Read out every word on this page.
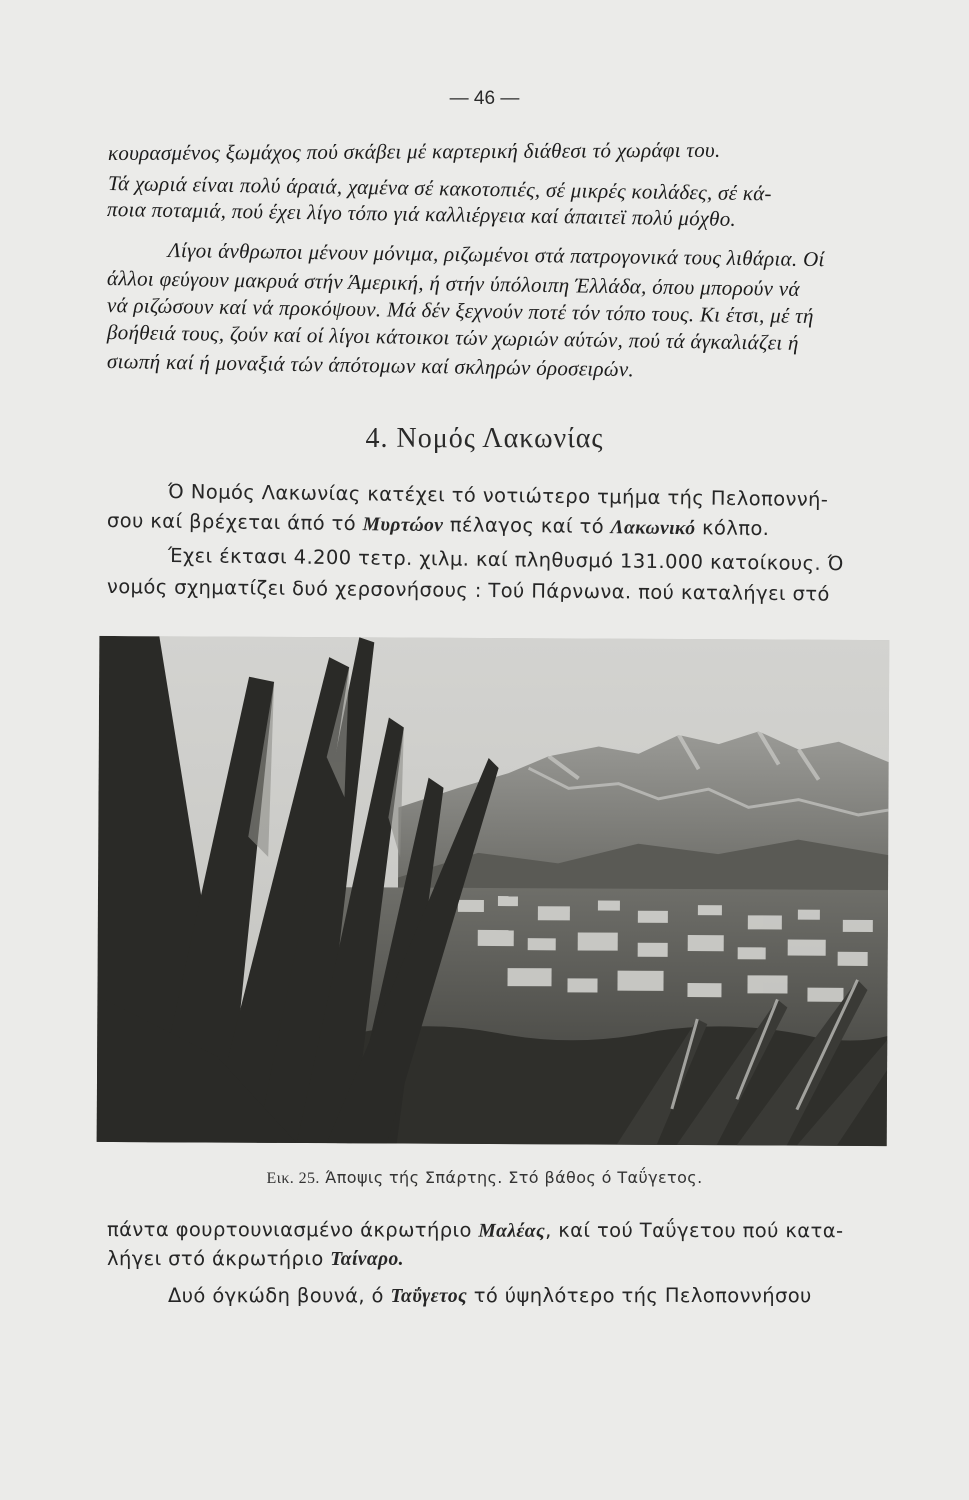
— 46 —

κουρασμένος ξωμάχος πού σκάβει μέ καρτερική διάθεσι τό χωράφι του.

Τά χωριά είναι πολύ άραιά, χαμένα σέ κακοτοπιές, σέ μικρές κοιλάδες, σέ κά-

ποια ποταμιά, πού έχει λίγο τόπο γιά καλλιέργεια καί άπαιτεϊ πολύ μόχθο.

Λίγοι άνθρωποι μένουν μόνιμα, ριζωμένοι στά πατρογονικά τους λιθάρια. Οί

άλλοι φεύγουν μακρυά στήν Άμερική, ή στήν ύπόλοιπη Έλλάδα, όπου μπορούν νά

νά ριζώσουν καί νά προκόψουν. Μά δέν ξεχνούν ποτέ τόν τόπο τους. Κι έτσι, μέ τή

βοήθειά τους, ζούν καί οί λίγοι κάτοικοι τών χωριών αύτών, πού τά άγκαλιάζει ή

σιωπή καί ή μοναξιά τών άπότομων καί σκληρών όροσειρών.

4. Νομός Λακωνίας

Ό Νομός Λακωνίας κατέχει τό νοτιώτερο τμήμα τής Πελοποννή-

σου καί βρέχεται άπό τό Μυρτώον πέλαγος καί τό Λακωνικό κόλπο.

Έχει έκτασι 4.200 τετρ. χιλμ. καί πληθυσμό 131.000 κατοίκους. Ό

νομός σχηματίζει δυό χερσονήσους : Τού Πάρνωνα. πού καταλήγει στό

Εικ. 25. Άποψις τής Σπάρτης. Στό βάθος ό Ταΰγετος.

πάντα φουρτουνιασμένο άκρωτήριο Μαλέας, καί τού Ταΰγετου πού κατα-

λήγει στό άκρωτήριο Ταίναρο.

Δυό όγκώδη βουνά, ό Ταΰγετος τό ύψηλότερο τής Πελοποννήσου
